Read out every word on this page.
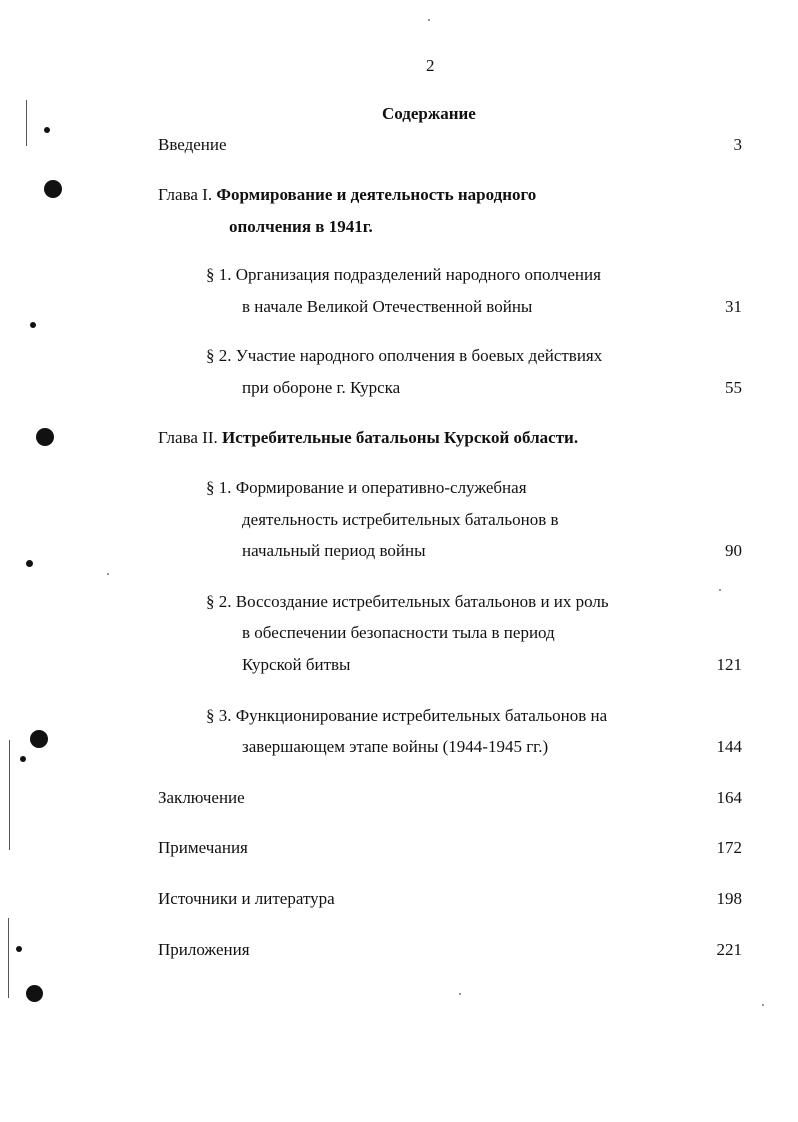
2
Содержание
Введение	3
Глава I. Формирование и деятельность народного
ополчения в 1941г.
§ 1. Организация подразделений народного ополчения
в начале Великой Отечественной войны	31
§ 2. Участие народного ополчения в боевых действиях
при обороне г. Курска	55
Глава II. Истребительные батальоны Курской области.
§ 1. Формирование и оперативно-служебная
деятельность истребительных батальонов в
начальный период войны	90
§ 2. Воссоздание истребительных батальонов и их роль
в обеспечении безопасности тыла в период
Курской битвы	121
§ 3. Функционирование истребительных батальонов на
завершающем этапе войны (1944-1945 гг.)	144
Заключение	164
Примечания	172
Источники и литература	198
Приложения	221
